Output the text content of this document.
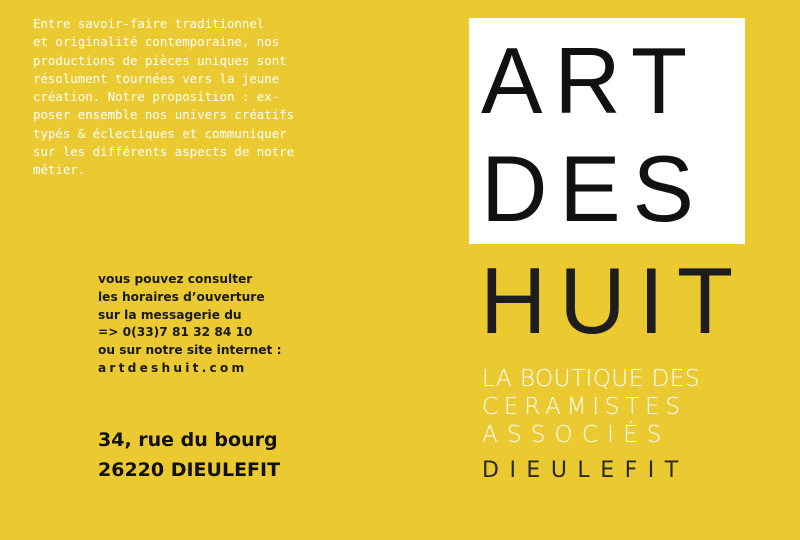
Entre savoir-faire traditionnel
et originalité contemporaine, nos
productions de pièces uniques sont
résolument tournées vers la jeune
création. Notre proposition : ex-
poser ensemble nos univers créatifs
typés & éclectiques et communiquer
sur les différents aspects de notre
métier.

vous pouvez consulter
les horaires d’ouverture
sur la messagerie du
=> 0(33)7 81 32 84 10
ou sur notre site internet :
artdeshuit.com
34, rue du bourg
26220 DIEULEFIT
ART
DES
HUIT
LA BOUTIQUE DES
CERAMISTES
ASSOCIÉS
DIEULEFIT
